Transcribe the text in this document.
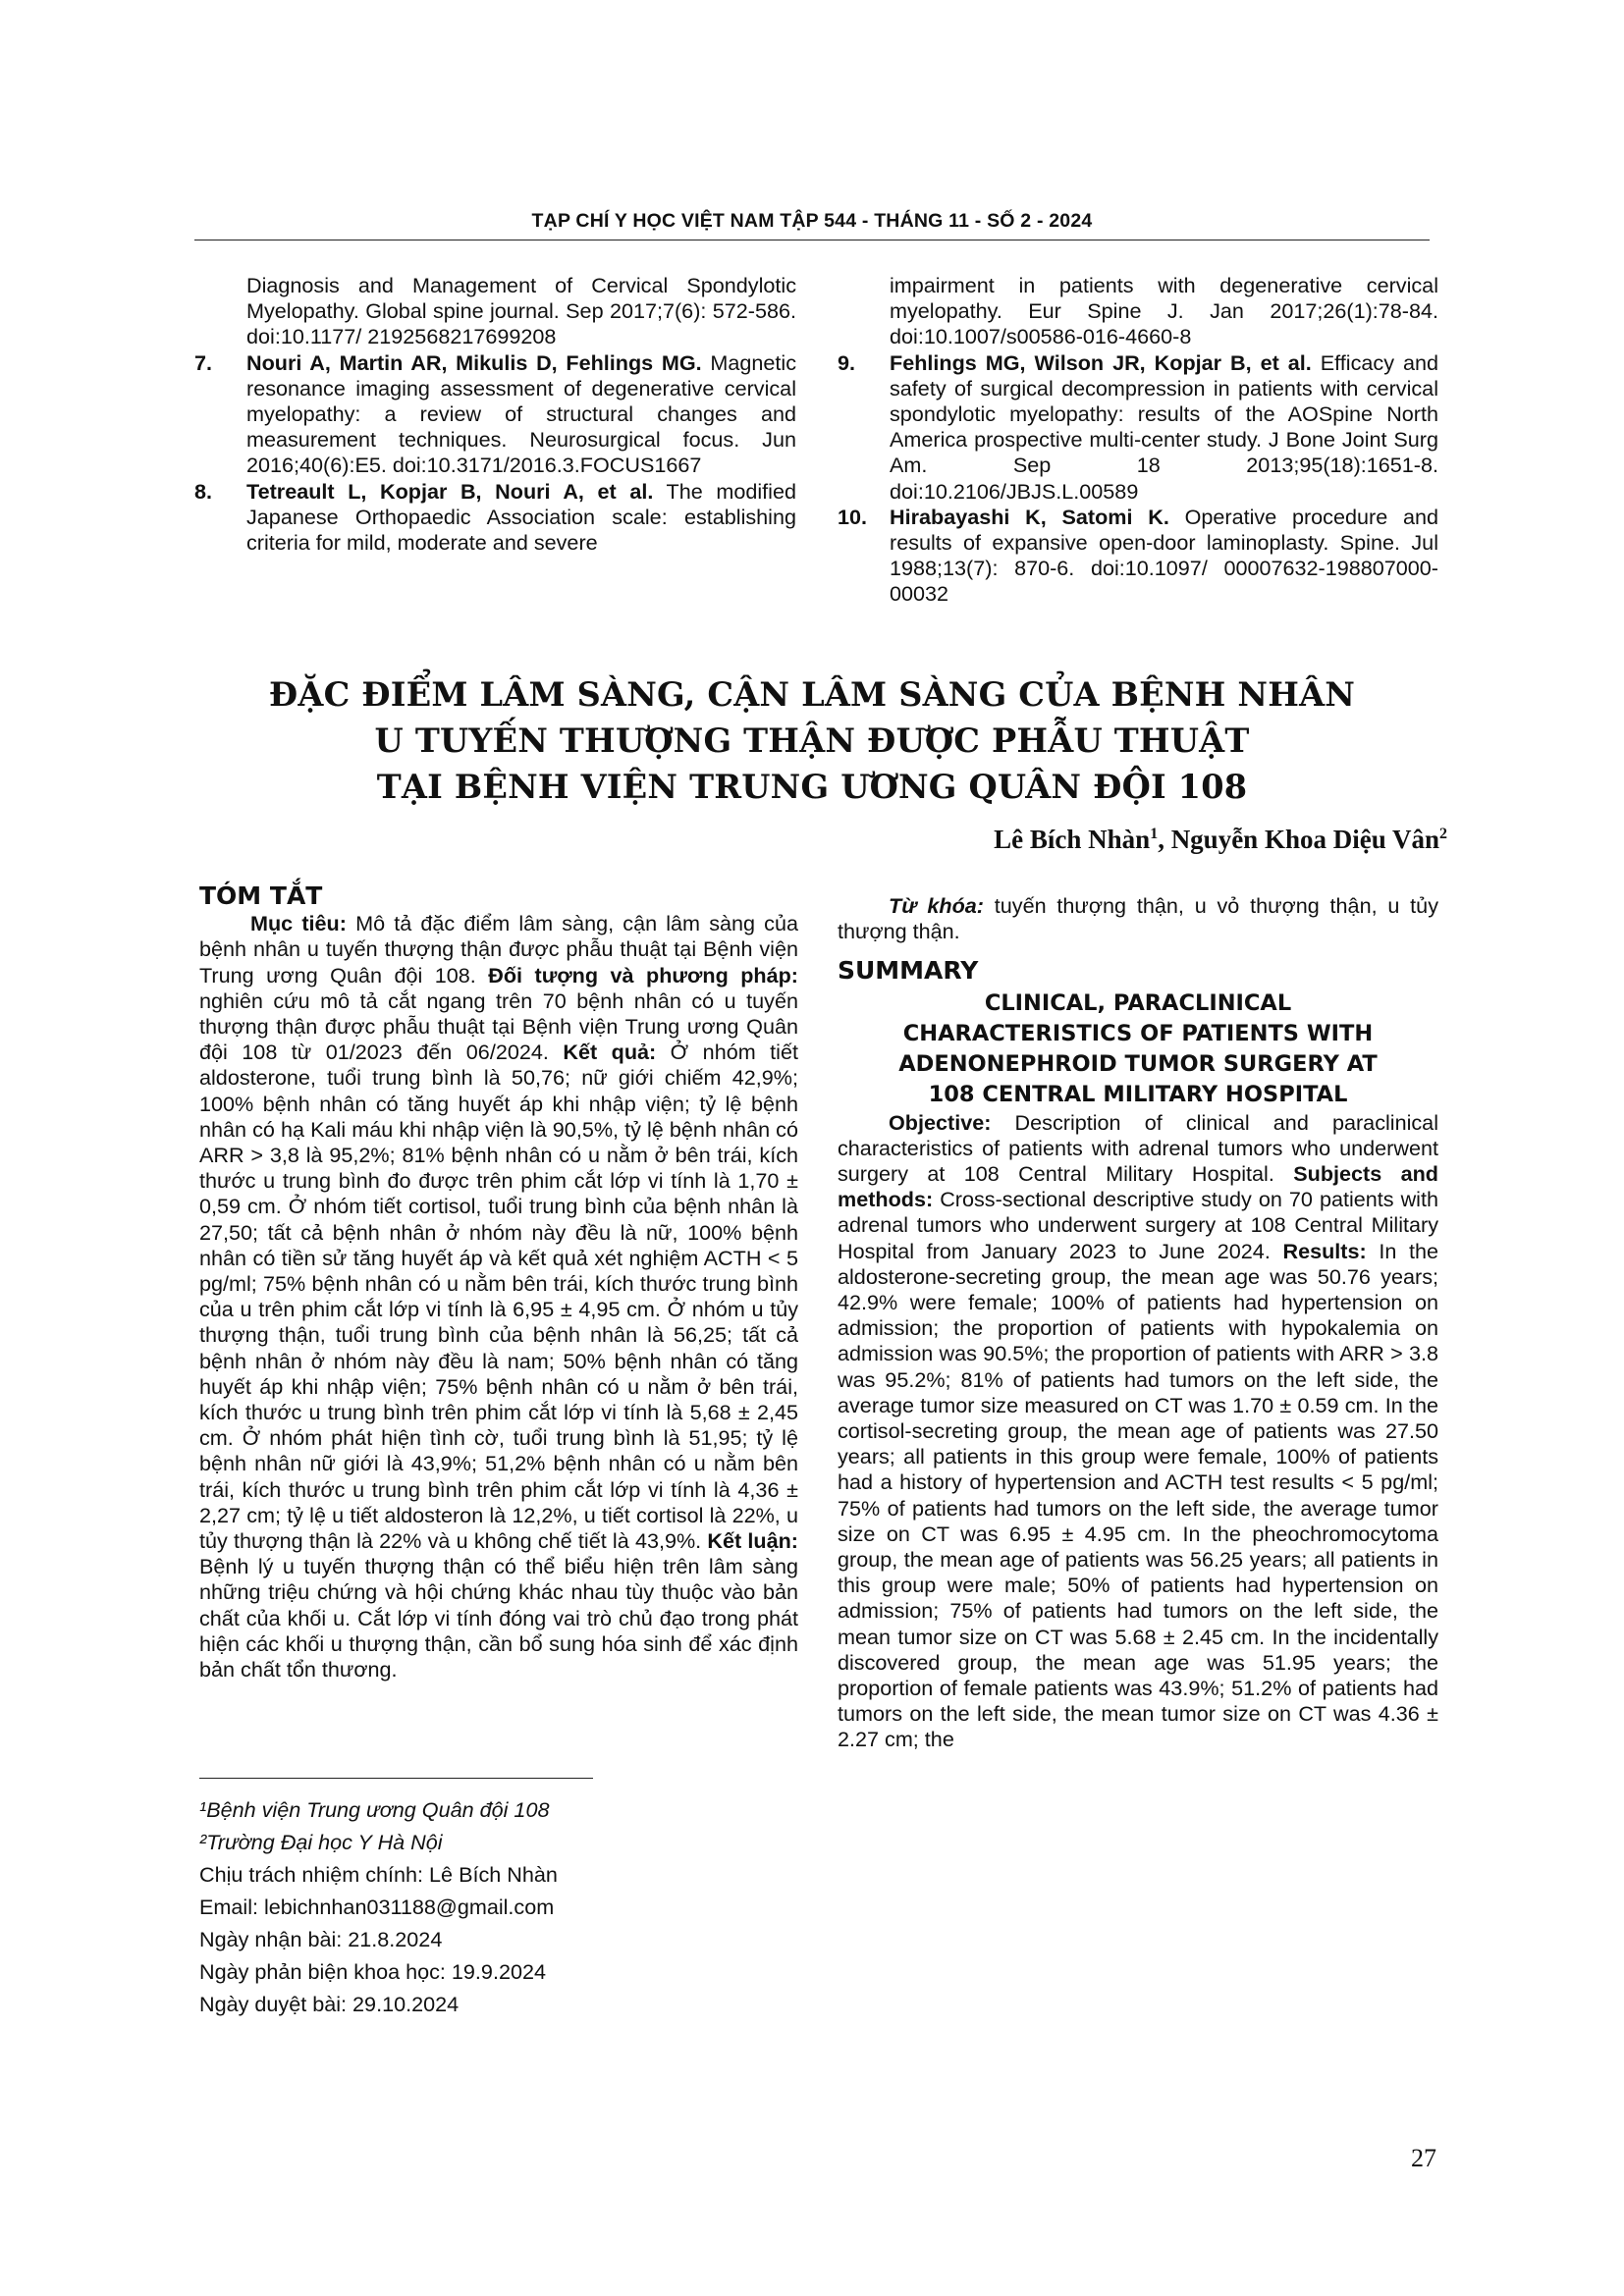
TẠP CHÍ Y HỌC VIỆT NAM TẬP 544 - THÁNG 11 - SỐ 2 - 2024
Diagnosis and Management of Cervical Spondylotic Myelopathy. Global spine journal. Sep 2017;7(6): 572-586. doi:10.1177/ 2192568217699208
7. Nouri A, Martin AR, Mikulis D, Fehlings MG. Magnetic resonance imaging assessment of degenerative cervical myelopathy: a review of structural changes and measurement techniques. Neurosurgical focus. Jun 2016;40(6):E5. doi:10.3171/2016.3.FOCUS1667
8. Tetreault L, Kopjar B, Nouri A, et al. The modified Japanese Orthopaedic Association scale: establishing criteria for mild, moderate and severe
impairment in patients with degenerative cervical myelopathy. Eur Spine J. Jan 2017;26(1):78-84. doi:10.1007/s00586-016-4660-8
9. Fehlings MG, Wilson JR, Kopjar B, et al. Efficacy and safety of surgical decompression in patients with cervical spondylotic myelopathy: results of the AOSpine North America prospective multi-center study. J Bone Joint Surg Am. Sep 18 2013;95(18):1651-8. doi:10.2106/JBJS.L.00589
10. Hirabayashi K, Satomi K. Operative procedure and results of expansive open-door laminoplasty. Spine. Jul 1988;13(7): 870-6. doi:10.1097/ 00007632-198807000-00032
ĐẶC ĐIỂM LÂM SÀNG, CẬN LÂM SÀNG CỦA BỆNH NHÂN
U TUYẾN THƯỢNG THẬN ĐƯỢC PHẪU THUẬT
TẠI BỆNH VIỆN TRUNG ƯƠNG QUÂN ĐỘI 108
Lê Bích Nhàn$^1$, Nguyễn Khoa Diệu Vân$^2$
TÓM TẮT
Mục tiêu: Mô tả đặc điểm lâm sàng, cận lâm sàng của bệnh nhân u tuyến thượng thận được phẫu thuật tại Bệnh viện Trung ương Quân đội 108. Đối tượng và phương pháp: nghiên cứu mô tả cắt ngang trên 70 bệnh nhân có u tuyến thượng thận được phẫu thuật tại Bệnh viện Trung ương Quân đội 108 từ 01/2023 đến 06/2024. Kết quả: Ở nhóm tiết aldosterone, tuổi trung bình là 50,76; nữ giới chiếm 42,9%; 100% bệnh nhân có tăng huyết áp khi nhập viện; tỷ lệ bệnh nhân có hạ Kali máu khi nhập viện là 90,5%, tỷ lệ bệnh nhân có ARR > 3,8 là 95,2%; 81% bệnh nhân có u nằm ở bên trái, kích thước u trung bình đo được trên phim cắt lớp vi tính là 1,70 ± 0,59 cm. Ở nhóm tiết cortisol, tuổi trung bình của bệnh nhân là 27,50; tất cả bệnh nhân ở nhóm này đều là nữ, 100% bệnh nhân có tiền sử tăng huyết áp và kết quả xét nghiệm ACTH < 5 pg/ml; 75% bệnh nhân có u nằm bên trái, kích thước trung bình của u trên phim cắt lớp vi tính là 6,95 ± 4,95 cm. Ở nhóm u tủy thượng thận, tuổi trung bình của bệnh nhân là 56,25; tất cả bệnh nhân ở nhóm này đều là nam; 50% bệnh nhân có tăng huyết áp khi nhập viện; 75% bệnh nhân có u nằm ở bên trái, kích thước u trung bình trên phim cắt lớp vi tính là 5,68 ± 2,45 cm. Ở nhóm phát hiện tình cờ, tuổi trung bình là 51,95; tỷ lệ bệnh nhân nữ giới là 43,9%; 51,2% bệnh nhân có u nằm bên trái, kích thước u trung bình trên phim cắt lớp vi tính là 4,36 ± 2,27 cm; tỷ lệ u tiết aldosteron là 12,2%, u tiết cortisol là 22%, u tủy thượng thận là 22% và u không chế tiết là 43,9%. Kết luận: Bệnh lý u tuyến thượng thận có thể biểu hiện trên lâm sàng những triệu chứng và hội chứng khác nhau tùy thuộc vào bản chất của khối u. Cắt lớp vi tính đóng vai trò chủ đạo trong phát hiện các khối u thượng thận, cần bổ sung hóa sinh để xác định bản chất tổn thương.
Từ khóa: tuyến thượng thận, u vỏ thượng thận, u tủy thượng thận.
SUMMARY
CLINICAL, PARACLINICAL
CHARACTERISTICS OF PATIENTS WITH
ADENONEPHROID TUMOR SURGERY AT
108 CENTRAL MILITARY HOSPITAL
Objective: Description of clinical and paraclinical characteristics of patients with adrenal tumors who underwent surgery at 108 Central Military Hospital. Subjects and methods: Cross-sectional descriptive study on 70 patients with adrenal tumors who underwent surgery at 108 Central Military Hospital from January 2023 to June 2024. Results: In the aldosterone-secreting group, the mean age was 50.76 years; 42.9% were female; 100% of patients had hypertension on admission; the proportion of patients with hypokalemia on admission was 90.5%; the proportion of patients with ARR > 3.8 was 95.2%; 81% of patients had tumors on the left side, the average tumor size measured on CT was 1.70 ± 0.59 cm. In the cortisol-secreting group, the mean age of patients was 27.50 years; all patients in this group were female, 100% of patients had a history of hypertension and ACTH test results < 5 pg/ml; 75% of patients had tumors on the left side, the average tumor size on CT was 6.95 ± 4.95 cm. In the pheochromocytoma group, the mean age of patients was 56.25 years; all patients in this group were male; 50% of patients had hypertension on admission; 75% of patients had tumors on the left side, the mean tumor size on CT was 5.68 ± 2.45 cm. In the incidentally discovered group, the mean age was 51.95 years; the proportion of female patients was 43.9%; 51.2% of patients had tumors on the left side, the mean tumor size on CT was 4.36 ± 2.27 cm; the
¹Bệnh viện Trung ương Quân đội 108
²Trường Đại học Y Hà Nội
Chịu trách nhiệm chính: Lê Bích Nhàn
Email: lebichnhan031188@gmail.com
Ngày nhận bài: 21.8.2024
Ngày phản biện khoa học: 19.9.2024
Ngày duyệt bài: 29.10.2024
27
